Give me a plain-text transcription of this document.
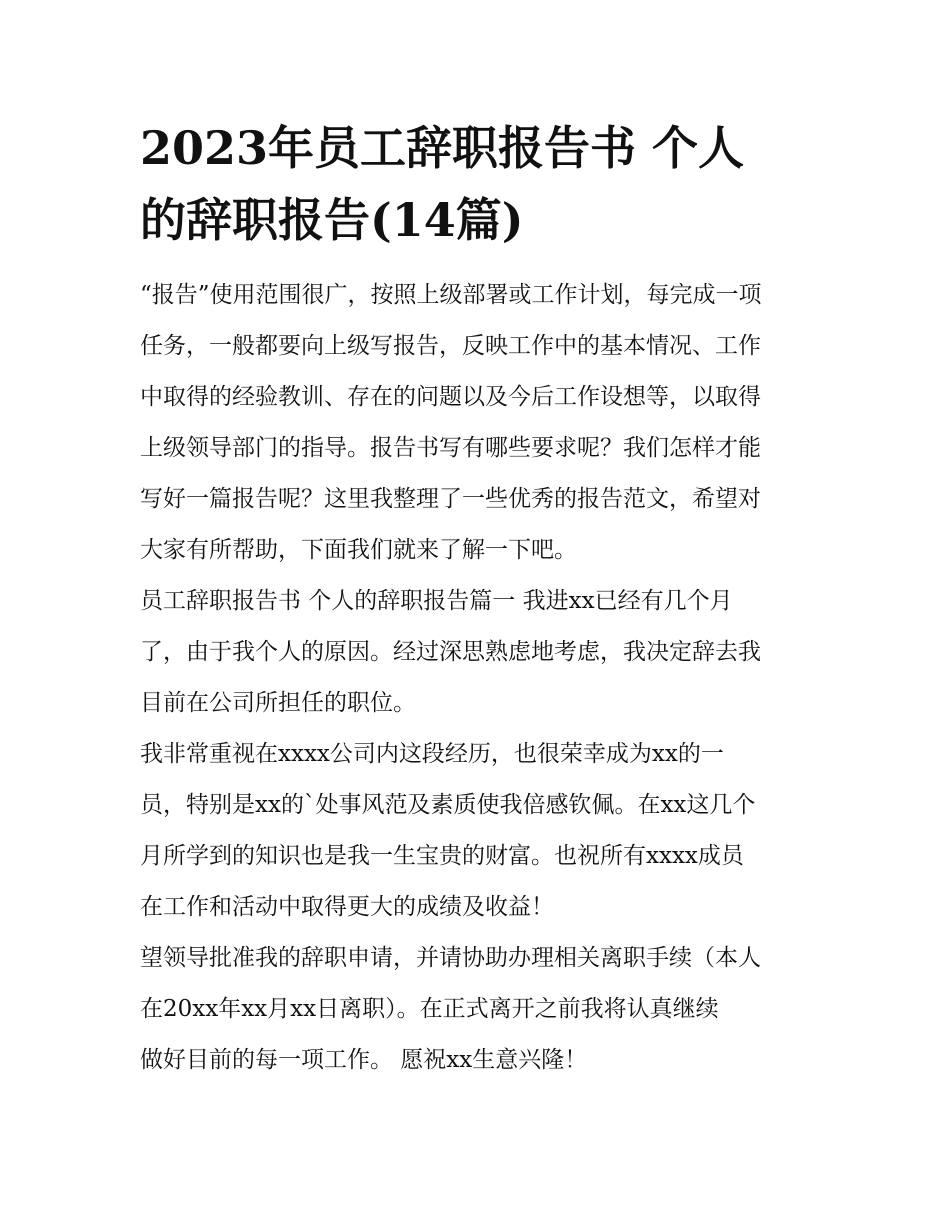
2023年员工辞职报告书 个人
的辞职报告(14篇)

“报告”使用范围很广，按照上级部署或工作计划，每完成一项
任务，一般都要向上级写报告，反映工作中的基本情况、工作
中取得的经验教训、存在的问题以及今后工作设想等，以取得
上级领导部门的指导。报告书写有哪些要求呢？我们怎样才能
写好一篇报告呢？这里我整理了一些优秀的报告范文，希望对
大家有所帮助，下面我们就来了解一下吧。

员工辞职报告书 个人的辞职报告篇一 我进xx已经有几个月
了，由于我个人的原因。经过深思熟虑地考虑，我决定辞去我
目前在公司所担任的职位。

我非常重视在xxxx公司内这段经历，也很荣幸成为xx的一
员，特别是xx的`处事风范及素质使我倍感钦佩。在xx这几个
月所学到的知识也是我一生宝贵的财富。也祝所有xxxx成员
在工作和活动中取得更大的成绩及收益！

望领导批准我的辞职申请，并请协助办理相关离职手续（本人
在20xx年xx月xx日离职）。在正式离开之前我将认真继续
做好目前的每一项工作。 愿祝xx生意兴隆！
